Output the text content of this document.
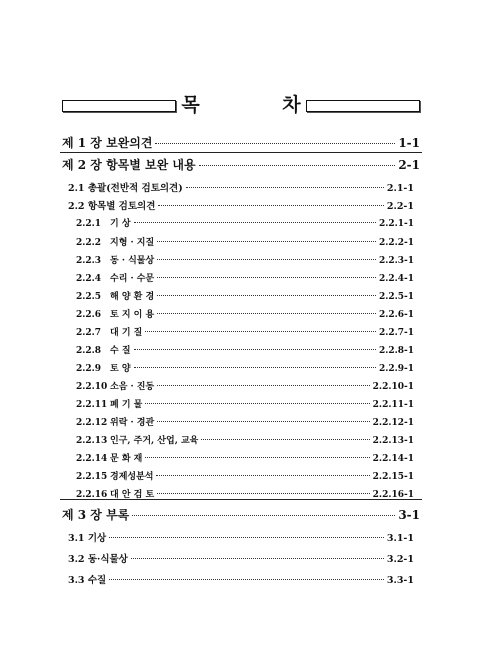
목 차
제 1 장 보완의견	1-1
제 2 장 항목별 보완 내용	2-1
2.1 총괄(전반적 검토의견)	2.1-1
2.2 항목별 검토의견	2.2-1
2.2.1 기 상	2.2.1-1
2.2.2 지형 · 지질	2.2.2-1
2.2.3 동 · 식물상	2.2.3-1
2.2.4 수리 · 수문	2.2.4-1
2.2.5 해 양 환 경	2.2.5-1
2.2.6 토 지 이 용	2.2.6-1
2.2.7 대 기 질	2.2.7-1
2.2.8 수 질	2.2.8-1
2.2.9 토 양	2.2.9-1
2.2.10 소음 · 진동	2.2.10-1
2.2.11 폐 기 물	2.2.11-1
2.2.12 위락 · 경관	2.2.12-1
2.2.13 인구, 주거, 산업, 교육	2.2.13-1
2.2.14 문 화 재	2.2.14-1
2.2.15 경제성분석	2.2.15-1
2.2.16 대 안 검 토	2.2.16-1
제 3 장 부록	3-1
3.1 기상	3.1-1
3.2 동·식물상	3.2-1
3.3 수질	3.3-1
